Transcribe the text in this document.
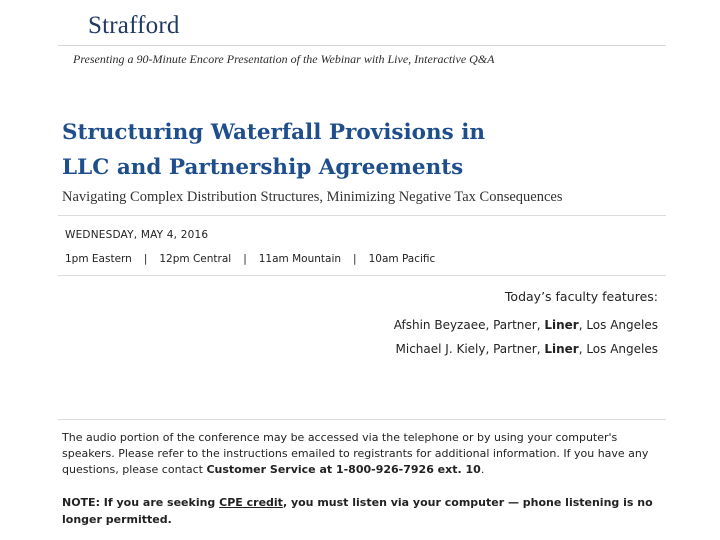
Strafford
Presenting a 90-Minute Encore Presentation of the Webinar with Live, Interactive Q&A
Structuring Waterfall Provisions in
LLC and Partnership Agreements
Navigating Complex Distribution Structures, Minimizing Negative Tax Consequences
WEDNESDAY, MAY 4, 2016
1pm Eastern	|	12pm Central	|	11am Mountain	|	10am Pacific
Today’s faculty features:
Afshin Beyzaee, Partner, Liner, Los Angeles
Michael J. Kiely, Partner, Liner, Los Angeles
The audio portion of the conference may be accessed via the telephone or by using your computer's speakers. Please refer to the instructions emailed to registrants for additional information. If you have any questions, please contact Customer Service at 1-800-926-7926 ext. 10.
NOTE: If you are seeking CPE credit, you must listen via your computer — phone listening is no longer permitted.
